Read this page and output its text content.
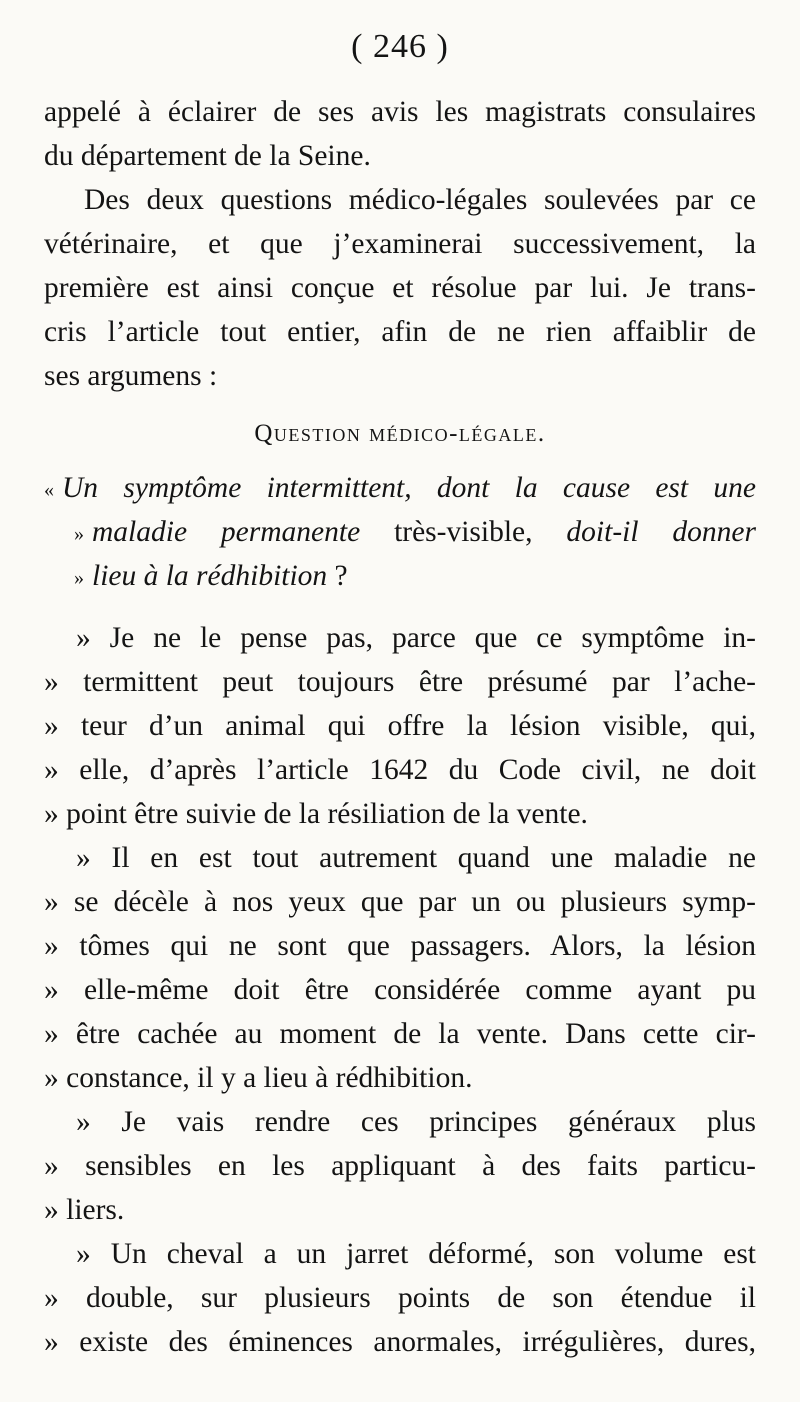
( 246 )
appelé à éclairer de ses avis les magistrats consulaires
du département de la Seine.
Des deux questions médico-légales soulevées par ce
vétérinaire, et que j’examinerai successivement, la
première est ainsi conçue et résolue par lui. Je trans-
cris l’article tout entier, afin de ne rien affaiblir de
ses argumens :
Question médico-légale.
« Un symptôme intermittent, dont la cause est une
» maladie permanente très-visible, doit-il donner
» lieu à la rédhibition ?
» Je ne le pense pas, parce que ce symptôme in-
» termittent peut toujours être présumé par l’ache-
» teur d’un animal qui offre la lésion visible, qui,
» elle, d’après l’article 1642 du Code civil, ne doit
» point être suivie de la résiliation de la vente.
» Il en est tout autrement quand une maladie ne
» se décèle à nos yeux que par un ou plusieurs symp-
» tômes qui ne sont que passagers. Alors, la lésion
» elle-même doit être considérée comme ayant pu
» être cachée au moment de la vente. Dans cette cir-
» constance, il y a lieu à rédhibition.
» Je vais rendre ces principes généraux plus
» sensibles en les appliquant à des faits particu-
» liers.
» Un cheval a un jarret déformé, son volume est
» double, sur plusieurs points de son étendue il
» existe des éminences anormales, irrégulières, dures,
